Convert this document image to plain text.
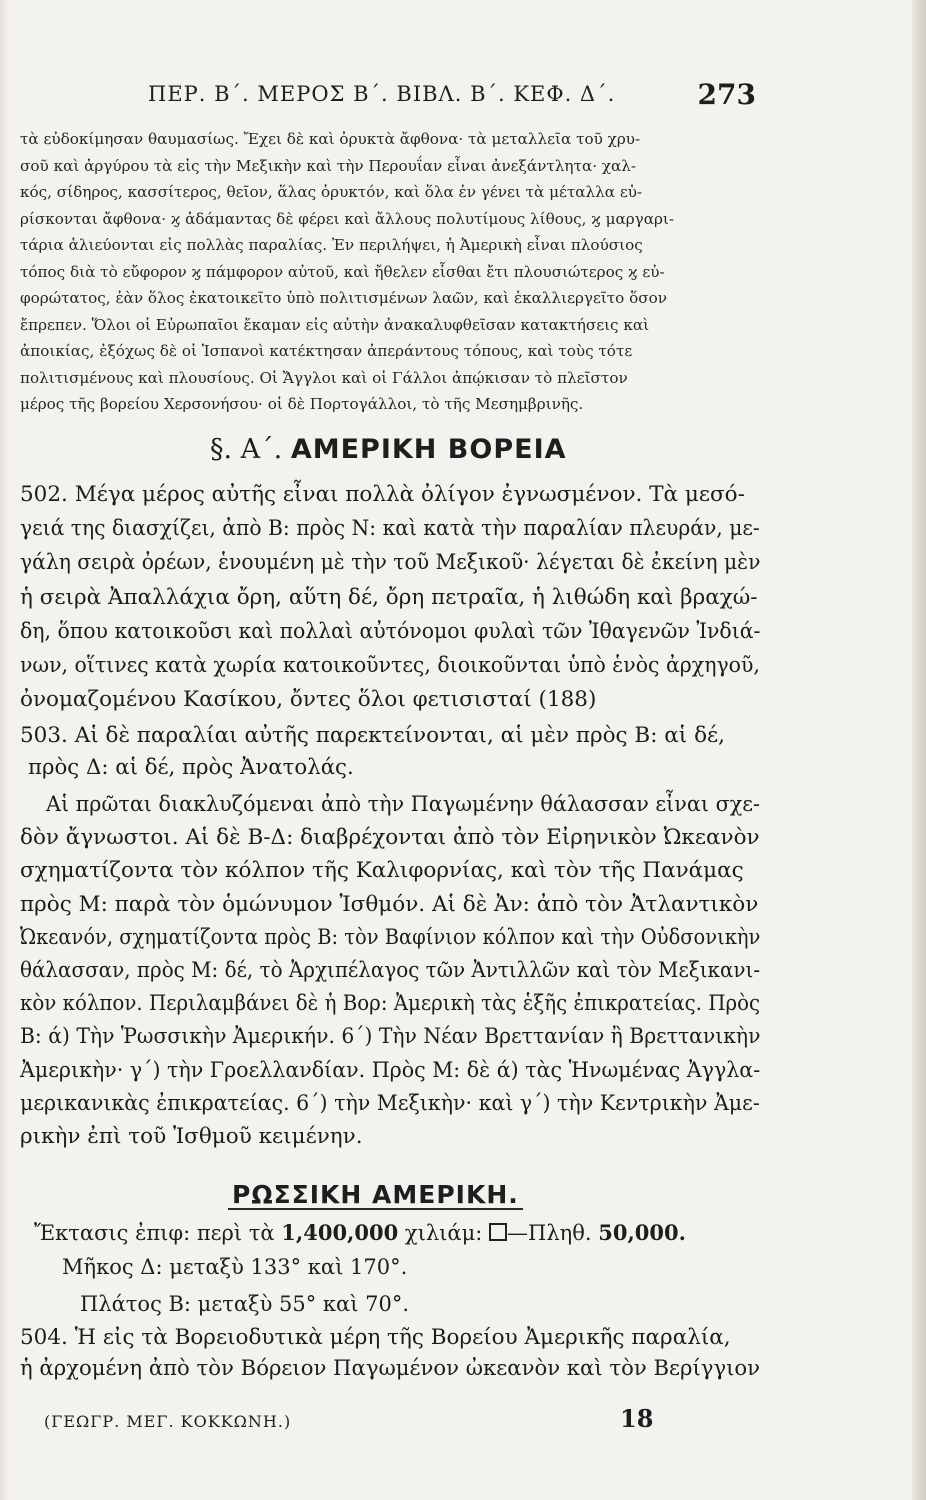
ΠΕΡ. Β΄. ΜΕΡΟΣ Β΄. ΒΙΒΛ. Β΄. ΚΕΦ. Δ΄.	273
τὰ εὐδοκίμησαν θαυμασίως. Ἔχει δὲ καὶ ὀρυκτὰ ἄφθονα· τὰ μεταλλεῖα τοῦ χρυ-
σοῦ καὶ ἀργύρου τὰ εἰς τὴν Μεξικὴν καὶ τὴν Περουΐαν εἶναι ἀνεξάντλητα· χαλ-
κός, σίδηρος, κασσίτερος, θεῖον, ἅλας ὀρυκτόν, καὶ ὅλα ἐν γένει τὰ μέταλλα εὑ-
ρίσκονται ἄφθονα· ϗ ἀδάμαντας δὲ φέρει καὶ ἄλλους πολυτίμους λίθους, ϗ μαργαρι-
τάρια ἁλιεύονται εἰς πολλὰς παραλίας. Ἐν περιλήψει, ἡ Ἀμερικὴ εἶναι πλούσιος
τόπος διὰ τὸ εὔφορον ϗ πάμφορον αὐτοῦ, καὶ ἤθελεν εἶσθαι ἔτι πλουσιώτερος ϗ εὐ-
φορώτατος, ἐὰν ὅλος ἐκατοικεῖτο ὑπὸ πολιτισμένων λαῶν, καὶ ἐκαλλιεργεῖτο ὅσον
ἔπρεπεν. Ὅλοι οἱ Εὐρωπαῖοι ἔκαμαν εἰς αὐτὴν ἀνακαλυφθεῖσαν κατακτήσεις καὶ
ἀποικίας, ἐξόχως δὲ οἱ Ἱσπανοὶ κατέκτησαν ἀπεράντους τόπους, καὶ τοὺς τότε
πολιτισμένους καὶ πλουσίους. Οἱ Ἄγγλοι καὶ οἱ Γάλλοι ἀπῴκισαν τὸ πλεῖστον
μέρος τῆς βορείου Χερσονήσου· οἱ δὲ Πορτογάλλοι, τὸ τῆς Μεσημβρινῆς.
§. Α΄. ΑΜΕΡΙΚΗ ΒΟΡΕΙΑ
502. Μέγα μέρος αὐτῆς εἶναι πολλὰ ὀλίγον ἐγνωσμένον. Τὰ μεσό-
γειά της διασχίζει, ἀπὸ Β: πρὸς Ν: καὶ κατὰ τὴν παραλίαν πλευράν, με-
γάλη σειρὰ ὀρέων, ἑνουμένη μὲ τὴν τοῦ Μεξικοῦ· λέγεται δὲ ἐκείνη μὲν
ἡ σειρὰ Ἀπαλλάχια ὄρη, αὕτη δέ, ὄρη πετραῖα, ἡ λιθώδη καὶ βραχώ-
δη, ὅπου κατοικοῦσι καὶ πολλαὶ αὐτόνομοι φυλαὶ τῶν Ἰθαγενῶν Ἰνδιά-
νων, οἵτινες κατὰ χωρία κατοικοῦντες, διοικοῦνται ὑπὸ ἑνὸς ἀρχηγοῦ,
ὀνομαζομένου Κασίκου, ὄντες ὅλοι φετισισταί (188)
503. Αἱ δὲ παραλίαι αὐτῆς παρεκτείνονται, αἱ μὲν πρὸς Β: αἱ δέ,
πρὸς Δ: αἱ δέ, πρὸς Ἀνατολάς.
Αἱ πρῶται διακλυζόμεναι ἀπὸ τὴν Παγωμένην θάλασσαν εἶναι σχε-
δὸν ἄγνωστοι. Αἱ δὲ Β-Δ: διαβρέχονται ἀπὸ τὸν Εἰρηνικὸν Ὠκεανὸν
σχηματίζοντα τὸν κόλπον τῆς Καλιφορνίας, καὶ τὸν τῆς Πανάμας
πρὸς Μ: παρὰ τὸν ὁμώνυμον Ἰσθμόν. Αἱ δὲ Ἀν: ἀπὸ τὸν Ἀτλαντικὸν
Ὠκεανόν, σχηματίζοντα πρὸς Β: τὸν Βαφίνιον κόλπον καὶ τὴν Οὐδσονικὴν
θάλασσαν, πρὸς Μ: δέ, τὸ Ἀρχιπέλαγος τῶν Ἀντιλλῶν καὶ τὸν Μεξικανι-
κὸν κόλπον. Περιλαμβάνει δὲ ἡ Βορ: Ἀμερικὴ τὰς ἑξῆς ἐπικρατείας. Πρὸς
Β: ά) Τὴν Ῥωσσικὴν Ἀμερικήν. 6΄) Τὴν Νέαν Βρεττανίαν ἢ Βρεττανικὴν
Ἀμερικὴν· γ΄) τὴν Γροελλανδίαν. Πρὸς Μ: δὲ ά) τὰς Ἡνωμένας Ἀγγλα-
μερικανικὰς ἐπικρατείας. 6΄) τὴν Μεξικὴν· καὶ γ΄) τὴν Κεντρικὴν Ἀμε-
ρικὴν ἐπὶ τοῦ Ἰσθμοῦ κειμένην.
ΡΩΣΣΙΚΗ ΑΜΕΡΙΚΗ.
Ἔκτασις ἐπιφ: περὶ τὰ 1,400,000 χιλιάμ: —Πληθ. 50,000.
Μῆκος Δ: μεταξὺ 133° καὶ 170°.
Πλάτος Β: μεταξὺ 55° καὶ 70°.
504. Ἡ εἰς τὰ Βορειοδυτικὰ μέρη τῆς Βορείου Ἀμερικῆς παραλία,
ἡ ἀρχομένη ἀπὸ τὸν Βόρειον Παγωμένον ὠκεανὸν καὶ τὸν Βερίγγιον
(ΓΕΩΓΡ. ΜΕΓ. ΚΟΚΚΩΝΗ.)	18
